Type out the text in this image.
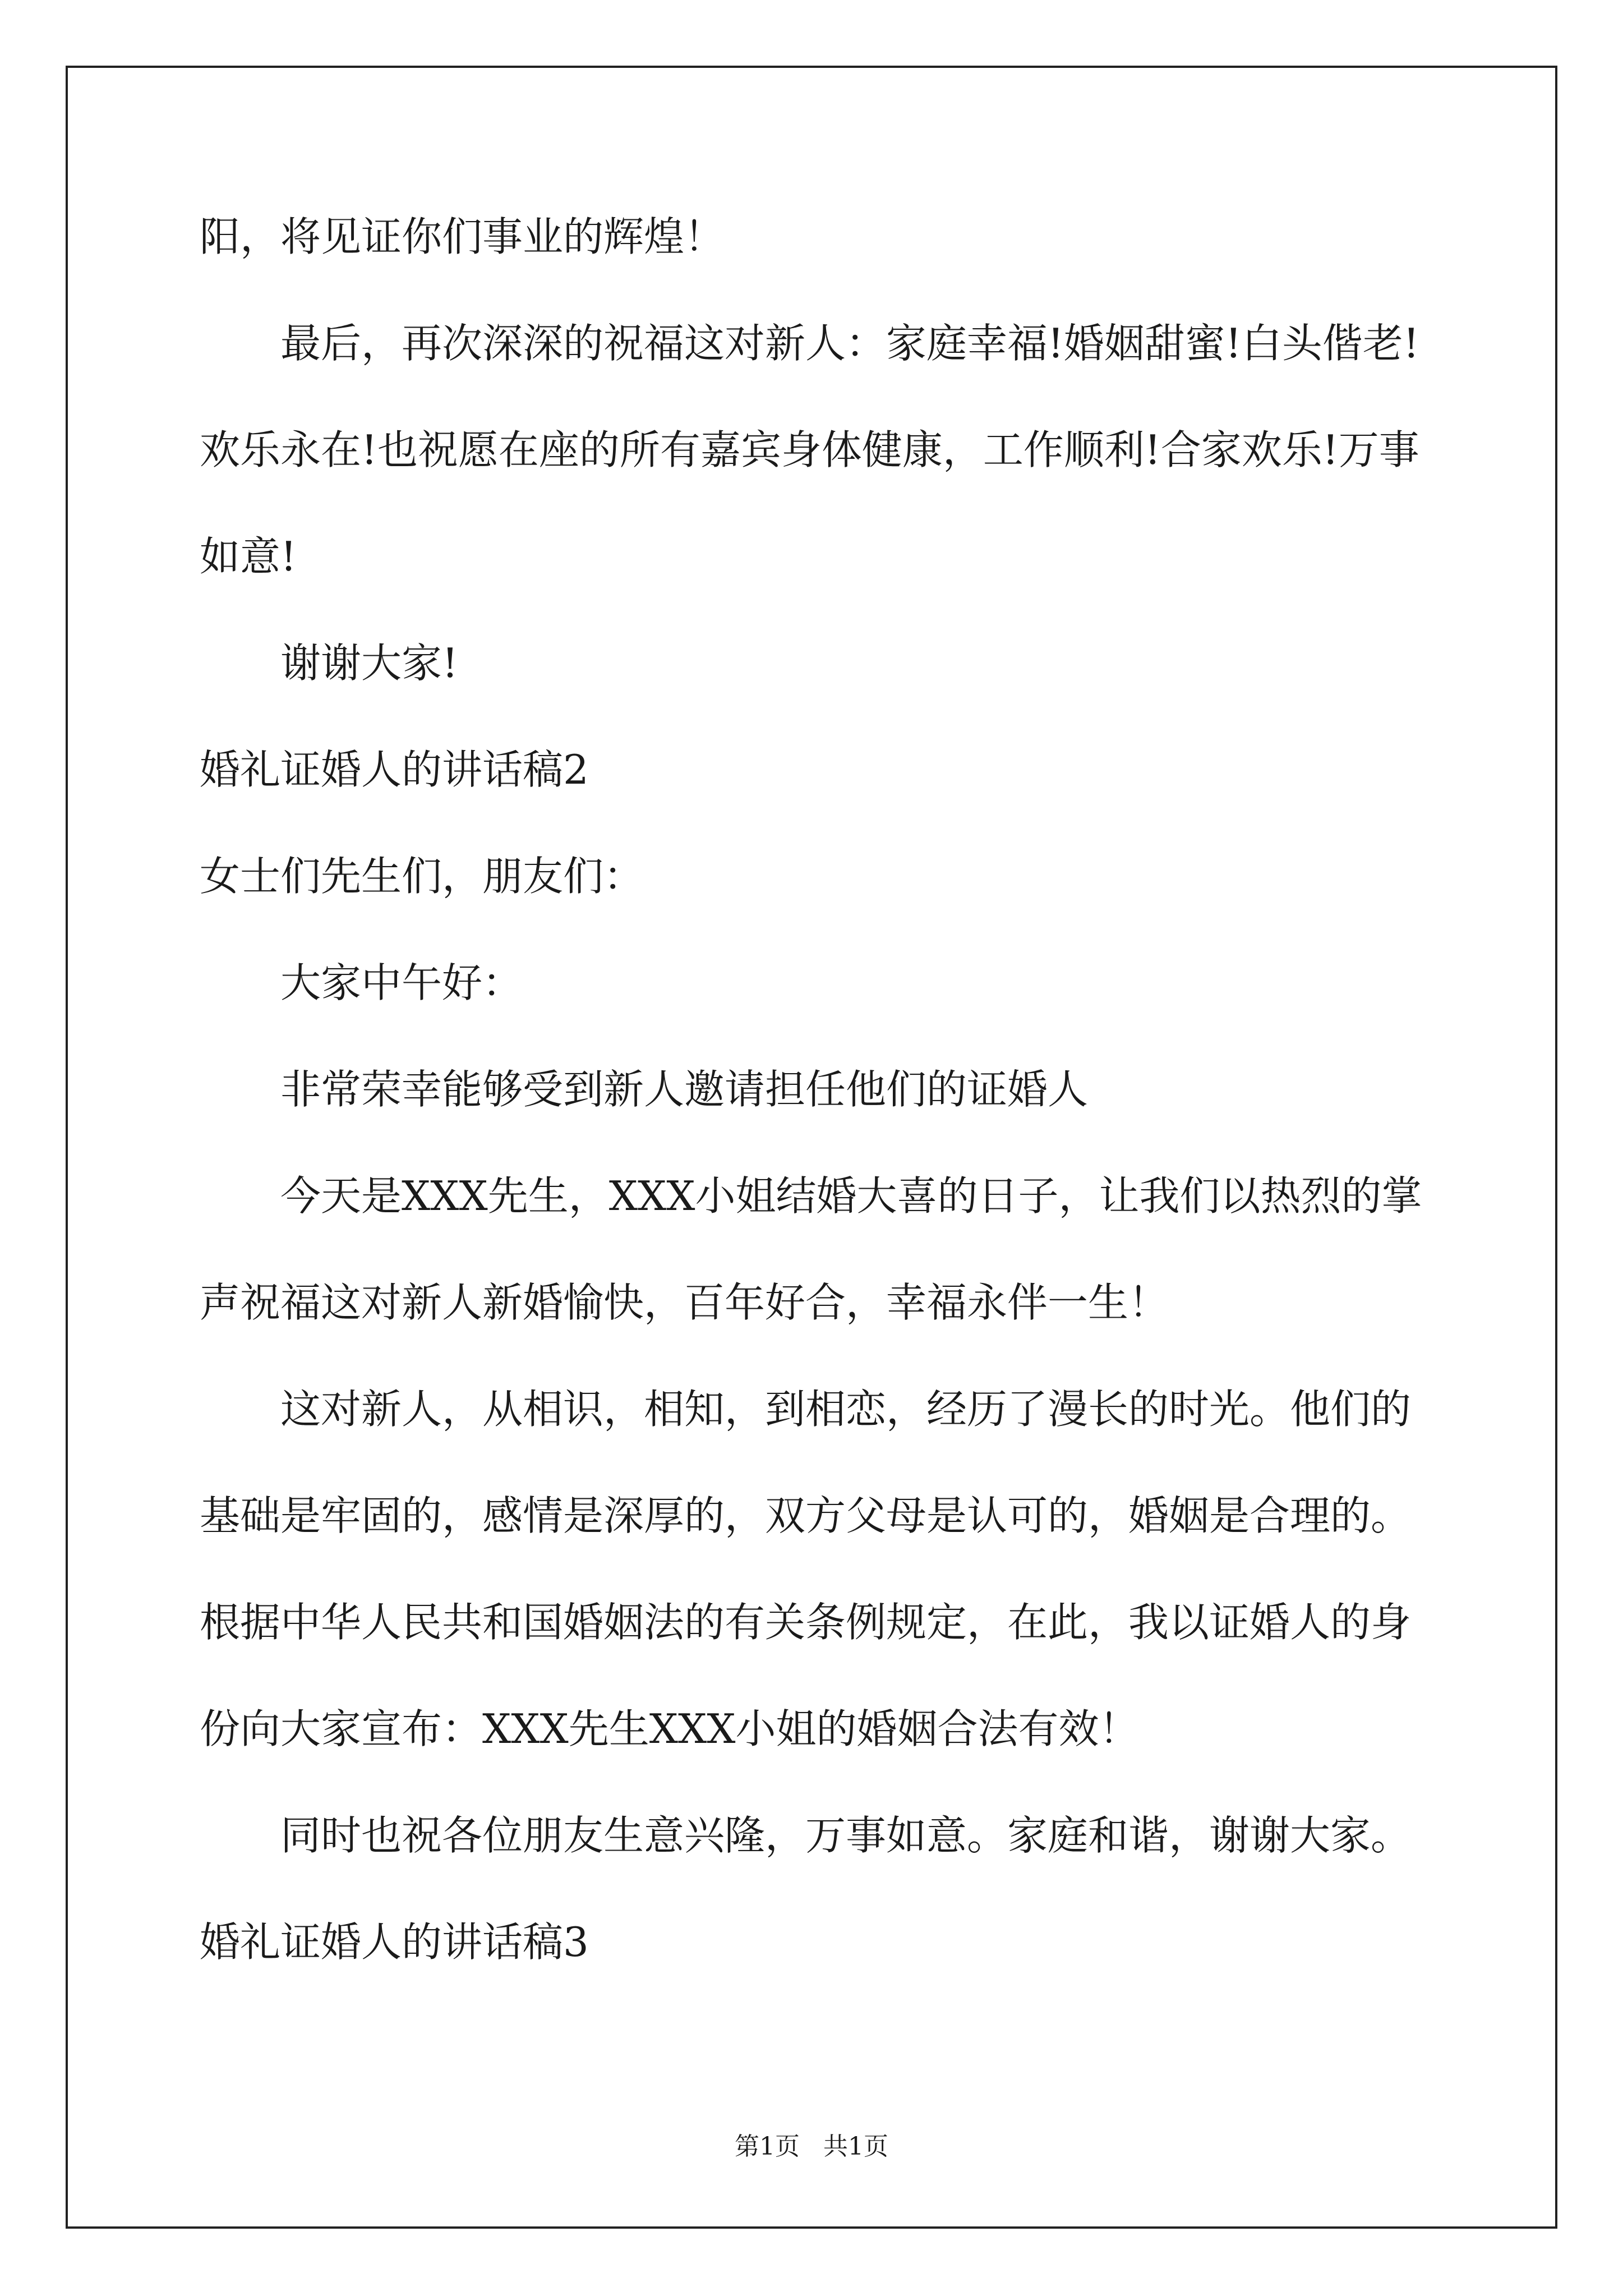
阳，将见证你们事业的辉煌！
最后，再次深深的祝福这对新人：家庭幸福!婚姻甜蜜!白头偕老!
欢乐永在!也祝愿在座的所有嘉宾身体健康，工作顺利!合家欢乐!万事
如意!
谢谢大家!
婚礼证婚人的讲话稿2
女士们先生们，朋友们：
大家中午好：
非常荣幸能够受到新人邀请担任他们的证婚人
今天是XXX先生，XXX小姐结婚大喜的日子，让我们以热烈的掌
声祝福这对新人新婚愉快，百年好合，幸福永伴一生！
这对新人，从相识，相知，到相恋，经历了漫长的时光。他们的
基础是牢固的，感情是深厚的，双方父母是认可的，婚姻是合理的。
根据中华人民共和国婚姻法的有关条例规定，在此，我以证婚人的身
份向大家宣布：XXX先生XXX小姐的婚姻合法有效！
同时也祝各位朋友生意兴隆，万事如意。家庭和谐，谢谢大家。
婚礼证婚人的讲话稿3
第1页   共1页
